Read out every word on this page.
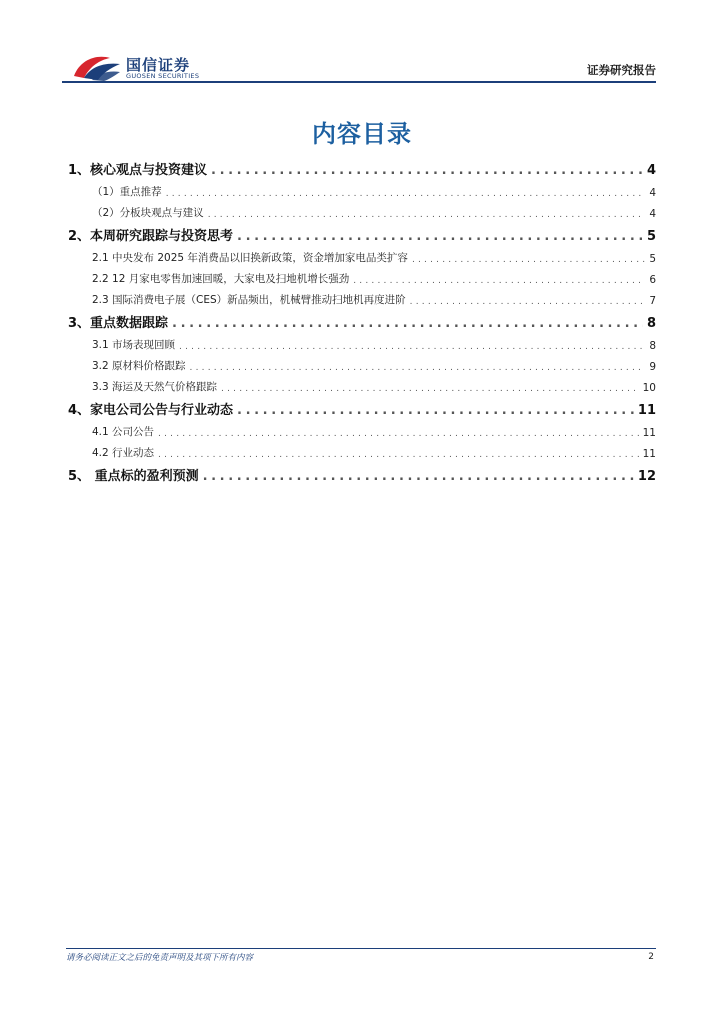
国信证券
GUOSEN SECURITIES	证券研究报告
内容目录
1、核心观点与投资建议 .....	4
（1）重点推荐 .....	4
（2）分板块观点与建议 .....	4
2、本周研究跟踪与投资思考 .....	5
2.1 中央发布 2025 年消费品以旧换新政策，资金增加家电品类扩容 .....	5
2.2 12 月家电零售加速回暖，大家电及扫地机增长强劲 .....	6
2.3 国际消费电子展（CES）新品频出，机械臂推动扫地机再度进阶 .....	7
3、重点数据跟踪 .....	8
3.1 市场表现回顾 .....	8
3.2 原材料价格跟踪 .....	9
3.3 海运及天然气价格跟踪 .....	10
4、家电公司公告与行业动态 .....	11
4.1 公司公告 .....	11
4.2 行业动态 .....	11
5、 重点标的盈利预测 .....	12
请务必阅读正文之后的免责声明及其项下所有内容	2
